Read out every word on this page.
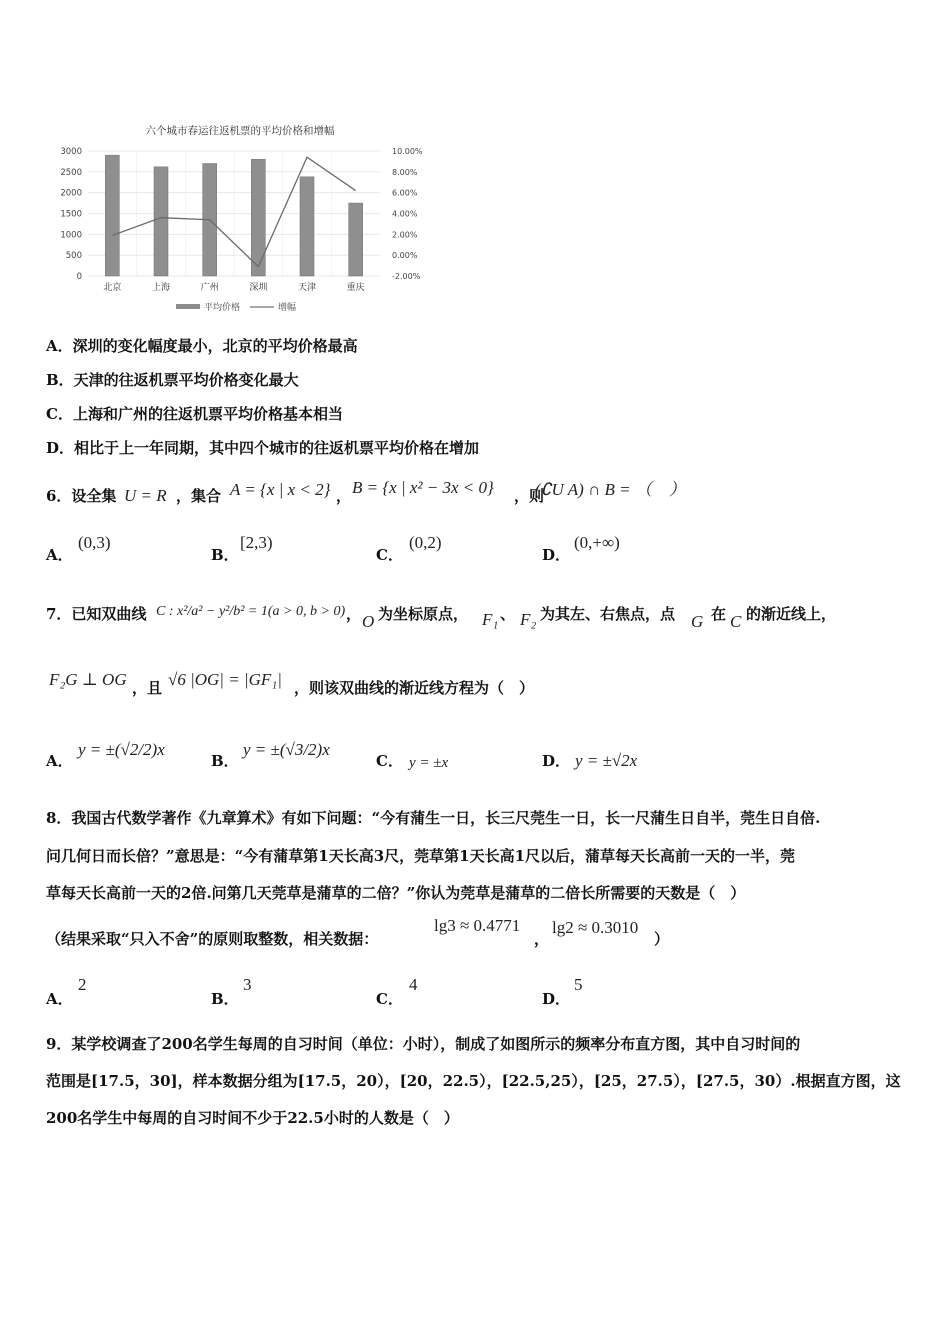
六个城市春运往返机票的平均价格和增幅
0
500
1000
1500
2000
2500
3000
-2.00%
0.00%
2.00%
4.00%
6.00%
8.00%
10.00%
北京	上海	广州	深圳	天津	重庆
平均价格	增幅
A．深圳的变化幅度最小，北京的平均价格最高
B．天津的往返机票平均价格变化最大
C．上海和广州的往返机票平均价格基本相当
D．相比于上一年同期，其中四个城市的往返机票平均价格在增加
6．设全集 U = R ，集合 A = {x | x < 2} ， B = {x | x² − 3x < 0} ，则
(∁U A) ∩ B = （　）
A．
(0,3)
B．
[2,3)
C．
(0,2)
D．
(0,+∞)
7．已知双曲线 C : x²/a² − y²/b² = 1(a > 0, b > 0) ， O 为坐标原点， F₁ 、 F₂ 为其左、右焦点，点 G 在 C 的渐近线上，
F₂G ⊥ OG ，且 √6 |OG| = |GF₁| ，则该双曲线的渐近线方程为（　）
A．
y = ±(√2/2)x
B．
y = ±(√3/2)x
C． y = ±x	D． y = ±√2x
8．我国古代数学著作《九章算术》有如下问题：“今有蒲生一日，长三尺莞生一日，长一尺蒲生日自半，莞生日自倍.
问几何日而长倍？”意思是：“今有蒲草第1天长高3尺，莞草第1天长高1尺以后，蒲草每天长高前一天的一半，莞
草每天长高前一天的2倍.问第几天莞草是蒲草的二倍？”你认为莞草是蒲草的二倍长所需要的天数是（　）
（结果采取“只入不舍”的原则取整数，相关数据：
lg3 ≈ 0.4771
，
lg2 ≈ 0.3010
）
A．
2
B．
3
C．
4
D．
5
9．某学校调查了200名学生每周的自习时间（单位：小时），制成了如图所示的频率分布直方图，其中自习时间的
范围是[17.5，30]，样本数据分组为[17.5，20），[20，22.5），[22.5,25），[25，27.5），[27.5，30）.根据直方图，这
200名学生中每周的自习时间不少于22.5小时的人数是（　）
